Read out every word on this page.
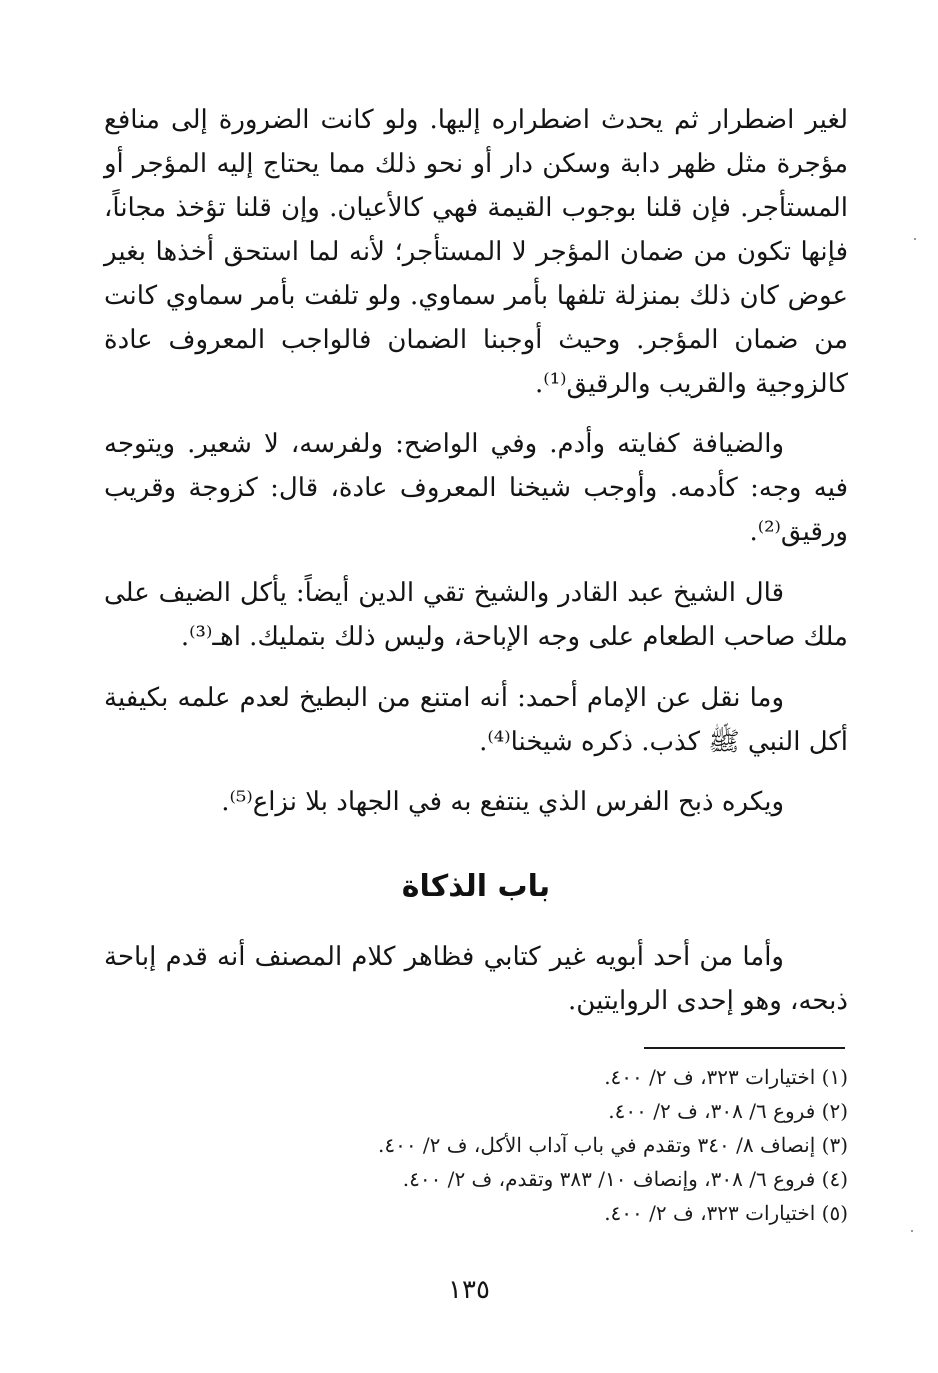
لغير اضطرار ثم يحدث اضطراره إليها. ولو كانت الضرورة إلى منافع مؤجرة مثل ظهر دابة وسكن دار أو نحو ذلك مما يحتاج إليه المؤجر أو المستأجر. فإن قلنا بوجوب القيمة فهي كالأعيان. وإن قلنا تؤخذ مجاناً، فإنها تكون من ضمان المؤجر لا المستأجر؛ لأنه لما استحق أخذها بغير عوض كان ذلك بمنزلة تلفها بأمر سماوي. ولو تلفت بأمر سماوي كانت من ضمان المؤجر. وحيث أوجبنا الضمان فالواجب المعروف عادة كالزوجية والقريب والرقيق⁽¹⁾.

والضيافة كفايته وأدم. وفي الواضح: ولفرسه، لا شعير. ويتوجه فيه وجه: كأدمه. وأوجب شيخنا المعروف عادة، قال: كزوجة وقريب ورقيق⁽²⁾.

قال الشيخ عبد القادر والشيخ تقي الدين أيضاً: يأكل الضيف على ملك صاحب الطعام على وجه الإباحة، وليس ذلك بتمليك. اهـ⁽³⁾.

وما نقل عن الإمام أحمد: أنه امتنع من البطيخ لعدم علمه بكيفية أكل النبي ﷺ كذب. ذكره شيخنا⁽⁴⁾.

ويكره ذبح الفرس الذي ينتفع به في الجهاد بلا نزاع⁽⁵⁾.

باب الذكاة

وأما من أحد أبويه غير كتابي فظاهر كلام المصنف أنه قدم إباحة ذبحه، وهو إحدى الروايتين.

(١) اختيارات ٣٢٣، ف ٢/ ٤٠٠.
(٢) فروع ٦/ ٣٠٨، ف ٢/ ٤٠٠.
(٣) إنصاف ٨/ ٣٤٠ وتقدم في باب آداب الأكل، ف ٢/ ٤٠٠.
(٤) فروع ٦/ ٣٠٨، وإنصاف ١٠/ ٣٨٣ وتقدم، ف ٢/ ٤٠٠.
(٥) اختيارات ٣٢٣، ف ٢/ ٤٠٠.
١٣٥
